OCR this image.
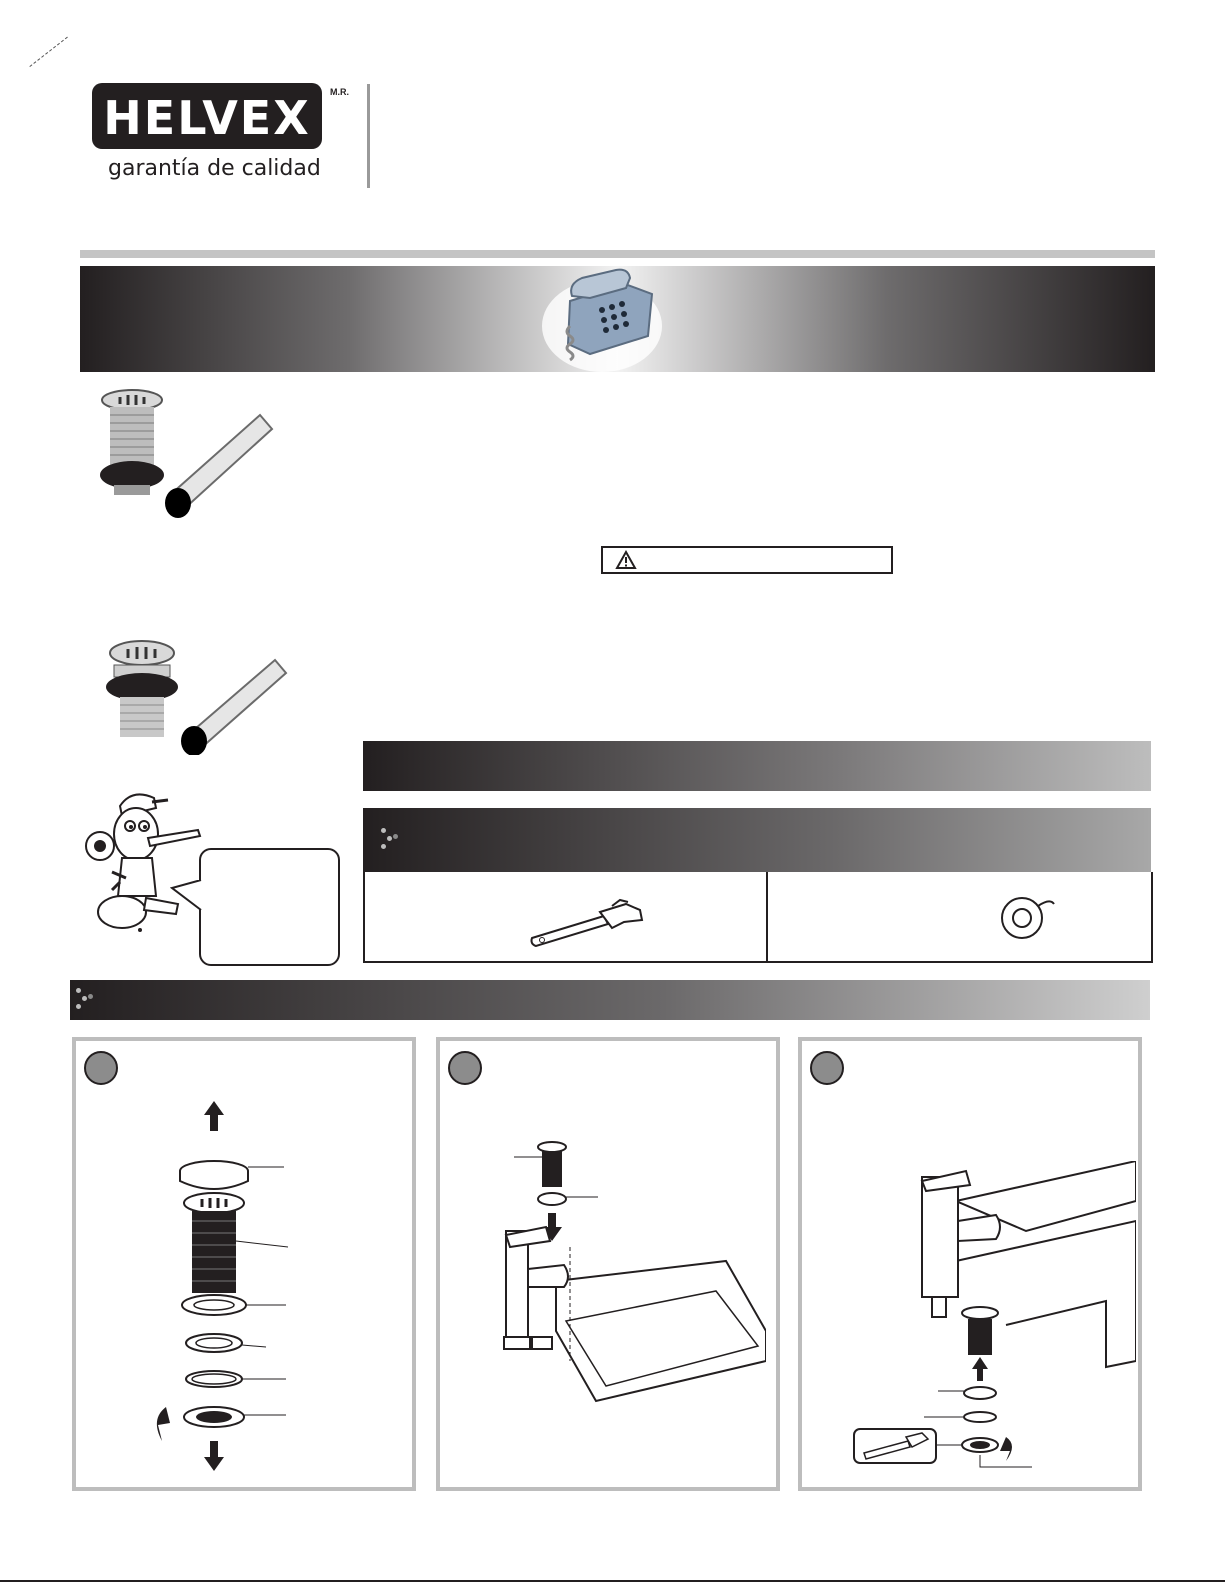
HELVEX	M.R.
garantía de calidad
